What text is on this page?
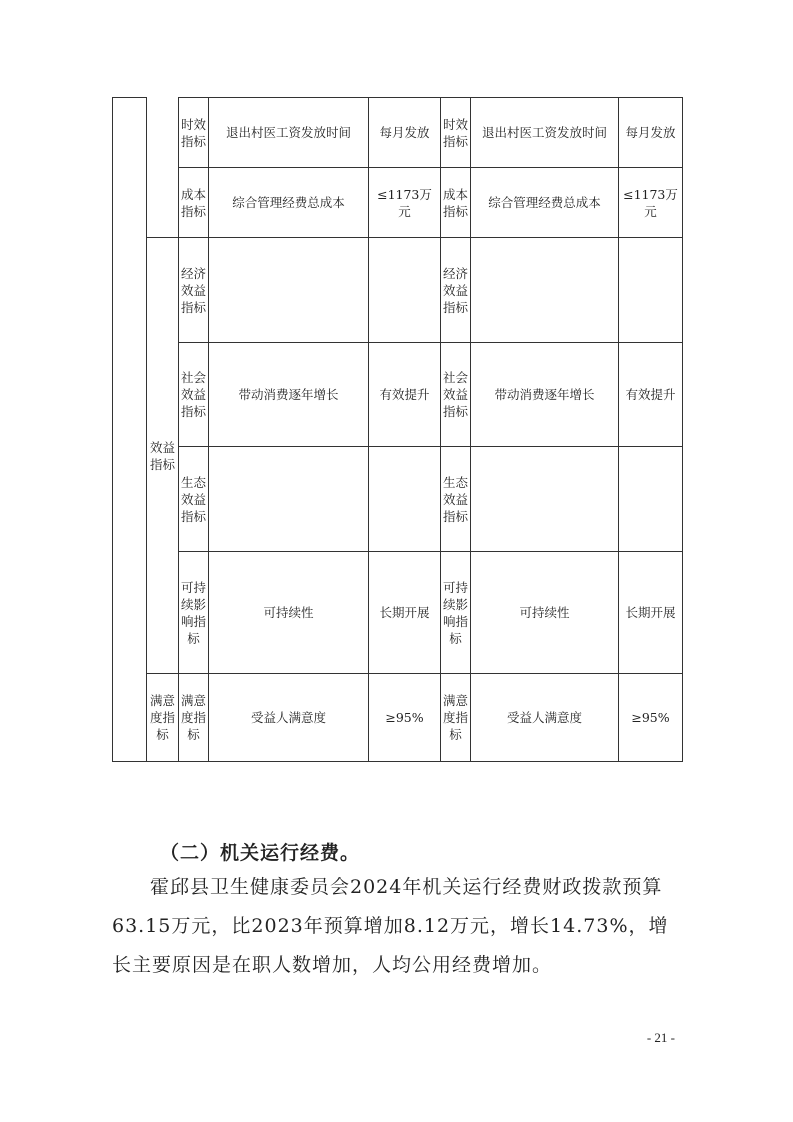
		时效指标	退出村医工资发放时间	每月发放	时效指标	退出村医工资发放时间	每月发放
		成本指标	综合管理经费总成本	≤1173万元	成本指标	综合管理经费总成本	≤1173万元
	效益指标	经济效益指标			经济效益指标		
		社会效益指标	带动消费逐年增长	有效提升	社会效益指标	带动消费逐年增长	有效提升
		生态效益指标			生态效益指标		
		可持续影响指标	可持续性	长期开展	可持续影响指标	可持续性	长期开展
	满意度指标	满意度指标	受益人满意度	≥95%	满意度指标	受益人满意度	≥95%
（二）机关运行经费。
霍邱县卫生健康委员会2024年机关运行经费财政拨款预算63.15万元，比2023年预算增加8.12万元，增长14.73%，增长主要原因是在职人数增加，人均公用经费增加。
- 21 -
